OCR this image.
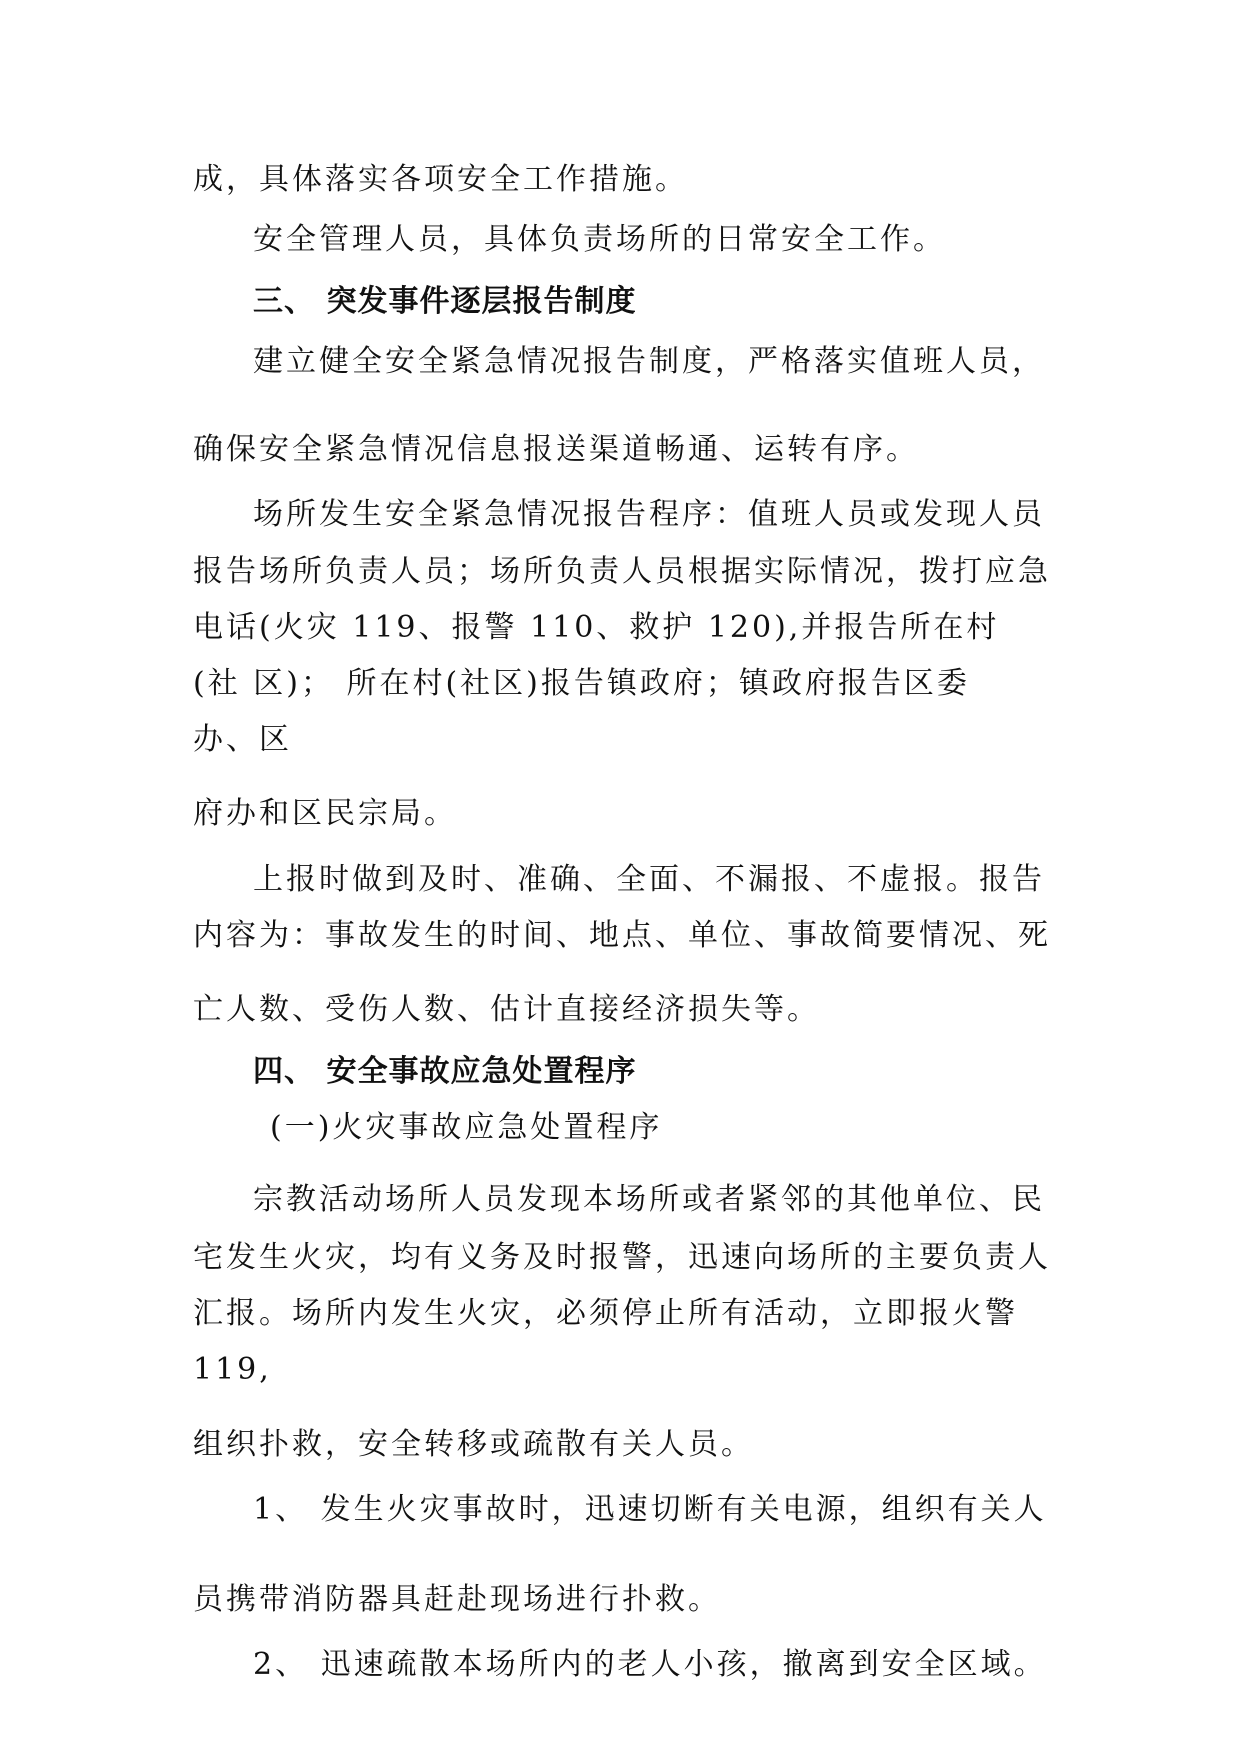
成，具体落实各项安全工作措施。

安全管理人员，具体负责场所的日常安全工作。

三、 突发事件逐层报告制度

建立健全安全紧急情况报告制度，严格落实值班人员，

确保安全紧急情况信息报送渠道畅通、运转有序。

场所发生安全紧急情况报告程序：值班人员或发现人员

报告场所负责人员；场所负责人员根据实际情况，拨打应急

电话(火灾 119、报警 110、救护 120),并报告所在村

(社 区)； 所在村(社区)报告镇政府；镇政府报告区委

办、区

府办和区民宗局。

上报时做到及时、准确、全面、不漏报、不虚报。报告

内容为：事故发生的时间、地点、单位、事故简要情况、死

亡人数、受伤人数、估计直接经济损失等。

四、 安全事故应急处置程序

(一)火灾事故应急处置程序

宗教活动场所人员发现本场所或者紧邻的其他单位、民

宅发生火灾，均有义务及时报警，迅速向场所的主要负责人

汇报。场所内发生火灾，必须停止所有活动，立即报火警

119,

组织扑救，安全转移或疏散有关人员。

1、 发生火灾事故时，迅速切断有关电源，组织有关人

员携带消防器具赶赴现场进行扑救。

2、 迅速疏散本场所内的老人小孩，撤离到安全区域。
